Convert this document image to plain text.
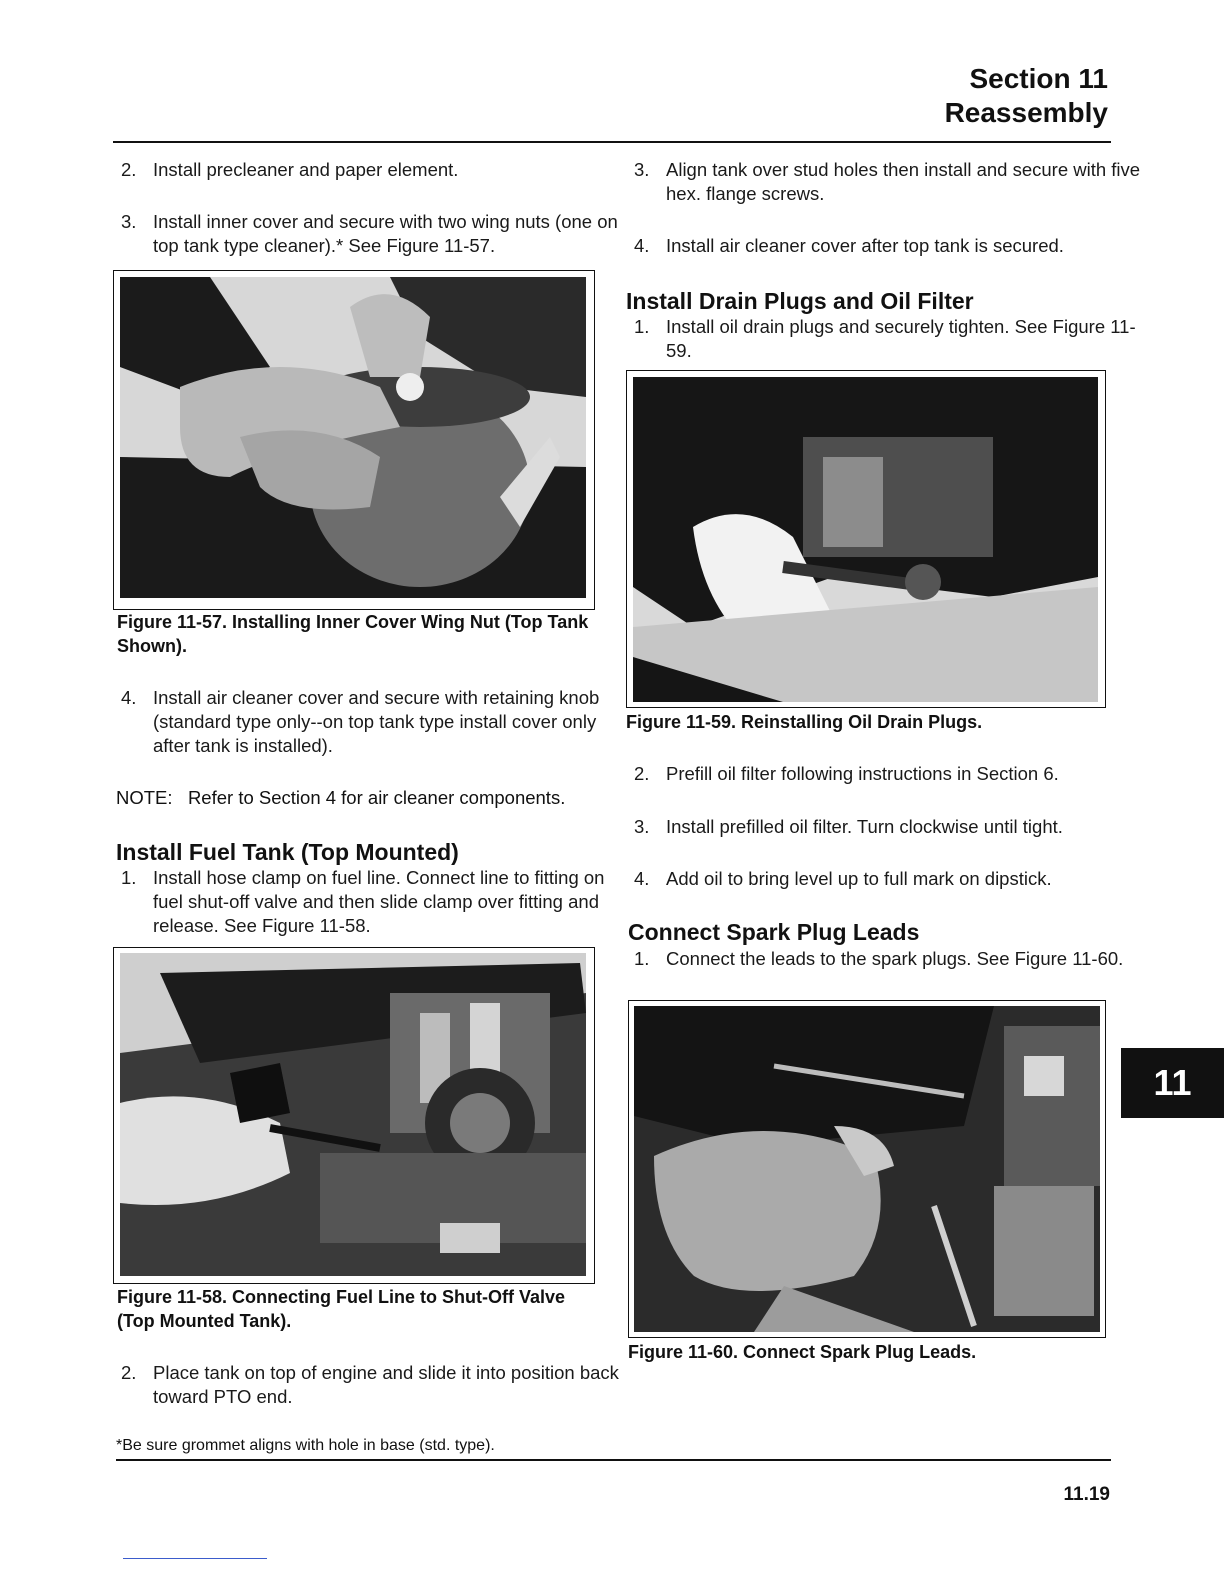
Section 11
Reassembly
2. Install precleaner and paper element.
3. Install inner cover and secure with two wing nuts (one on top tank type cleaner).* See Figure 11-57.
Figure 11-57. Installing Inner Cover Wing Nut (Top Tank Shown).
4. Install air cleaner cover and secure with retaining knob (standard type only--on top tank type install cover only after tank is installed).
NOTE:   Refer to Section 4 for air cleaner components.
Install Fuel Tank (Top Mounted)
1. Install hose clamp on fuel line. Connect line to fitting on fuel shut-off valve and then slide clamp over fitting and release. See Figure 11-58.
Figure 11-58. Connecting Fuel Line to Shut-Off Valve (Top Mounted Tank).
2. Place tank on top of engine and slide it into position back toward PTO end.
*Be sure grommet aligns with hole in base (std. type).
3. Align tank over stud holes then install and secure with five hex. flange screws.
4. Install air cleaner cover after top tank is secured.
Install Drain Plugs and Oil Filter
1. Install oil drain plugs and securely tighten. See Figure 11-59.
Figure 11-59. Reinstalling Oil Drain Plugs.
2. Prefill oil filter following instructions in Section 6.
3. Install prefilled oil filter. Turn clockwise until tight.
4. Add oil to bring level up to full mark on dipstick.
Connect Spark Plug Leads
1. Connect the leads to the spark plugs. See Figure 11-60.
Figure 11-60. Connect Spark Plug Leads.
11
11.19
